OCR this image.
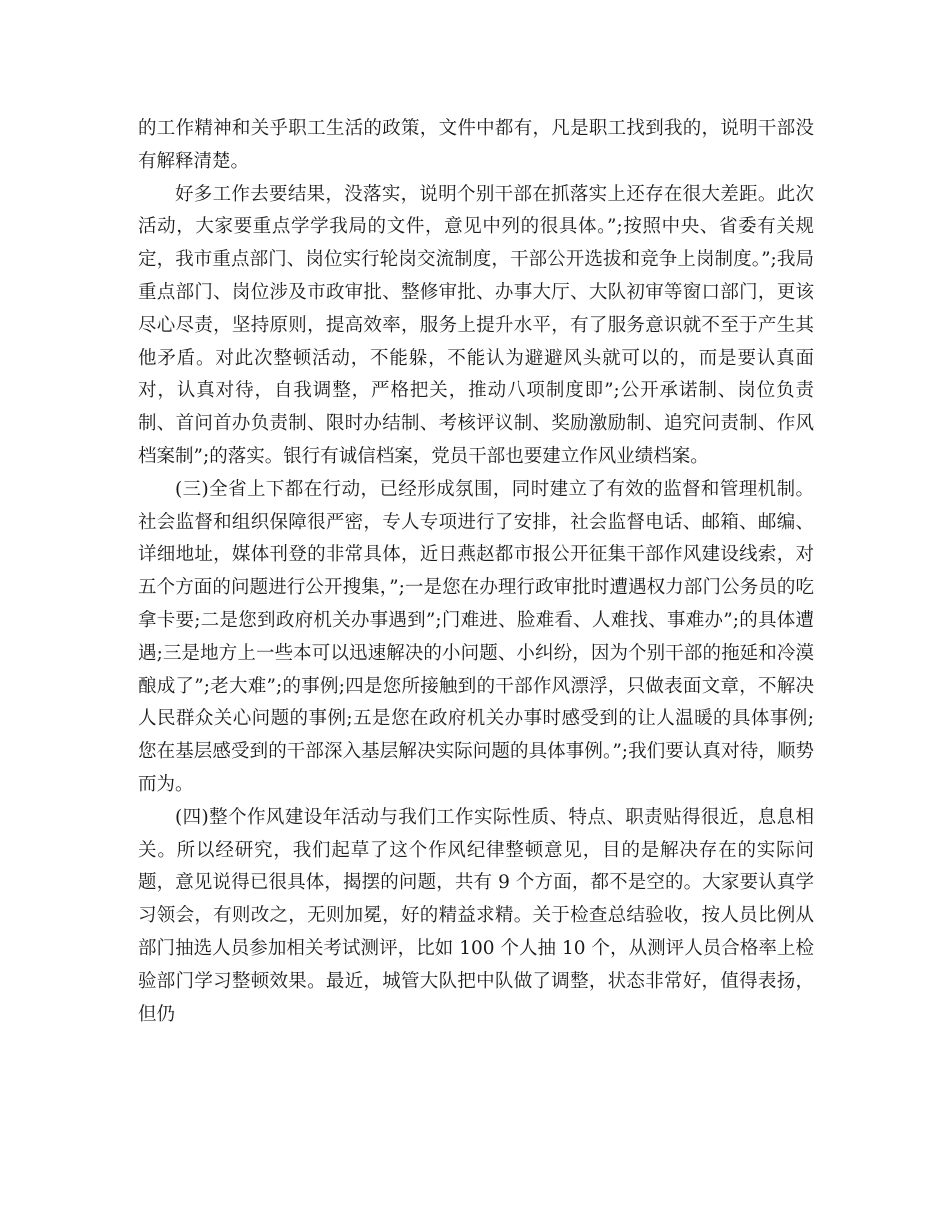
的工作精神和关乎职工生活的政策，文件中都有，凡是职工找到我的，说明干部没有解释清楚。

好多工作去要结果，没落实，说明个别干部在抓落实上还存在很大差距。此次活动，大家要重点学学我局的文件，意见中列的很具体。”;按照中央、省委有关规定，我市重点部门、岗位实行轮岗交流制度，干部公开选拔和竞争上岗制度。”;我局重点部门、岗位涉及市政审批、整修审批、办事大厅、大队初审等窗口部门，更该尽心尽责，坚持原则，提高效率，服务上提升水平，有了服务意识就不至于产生其他矛盾。对此次整顿活动，不能躲，不能认为避避风头就可以的，而是要认真面对，认真对待，自我调整，严格把关，推动八项制度即”;公开承诺制、岗位负责制、首问首办负责制、限时办结制、考核评议制、奖励激励制、追究问责制、作风档案制”;的落实。银行有诚信档案，党员干部也要建立作风业绩档案。

(三)全省上下都在行动，已经形成氛围，同时建立了有效的监督和管理机制。社会监督和组织保障很严密，专人专项进行了安排，社会监督电话、邮箱、邮编、详细地址，媒体刊登的非常具体，近日燕赵都市报公开征集干部作风建设线索，对五个方面的问题进行公开搜集，”;一是您在办理行政审批时遭遇权力部门公务员的吃拿卡要;二是您到政府机关办事遇到”;门难进、脸难看、人难找、事难办”;的具体遭遇;三是地方上一些本可以迅速解决的小问题、小纠纷，因为个别干部的拖延和冷漠酿成了”;老大难”;的事例;四是您所接触到的干部作风漂浮，只做表面文章，不解决人民群众关心问题的事例;五是您在政府机关办事时感受到的让人温暖的具体事例;您在基层感受到的干部深入基层解决实际问题的具体事例。”;我们要认真对待，顺势而为。

(四)整个作风建设年活动与我们工作实际性质、特点、职责贴得很近，息息相关。所以经研究，我们起草了这个作风纪律整顿意见，目的是解决存在的实际问题，意见说得已很具体，揭摆的问题，共有 9 个方面，都不是空的。大家要认真学习领会，有则改之，无则加冕，好的精益求精。关于检查总结验收，按人员比例从部门抽选人员参加相关考试测评，比如 100 个人抽 10 个，从测评人员合格率上检验部门学习整顿效果。最近，城管大队把中队做了调整，状态非常好，值得表扬，但仍
